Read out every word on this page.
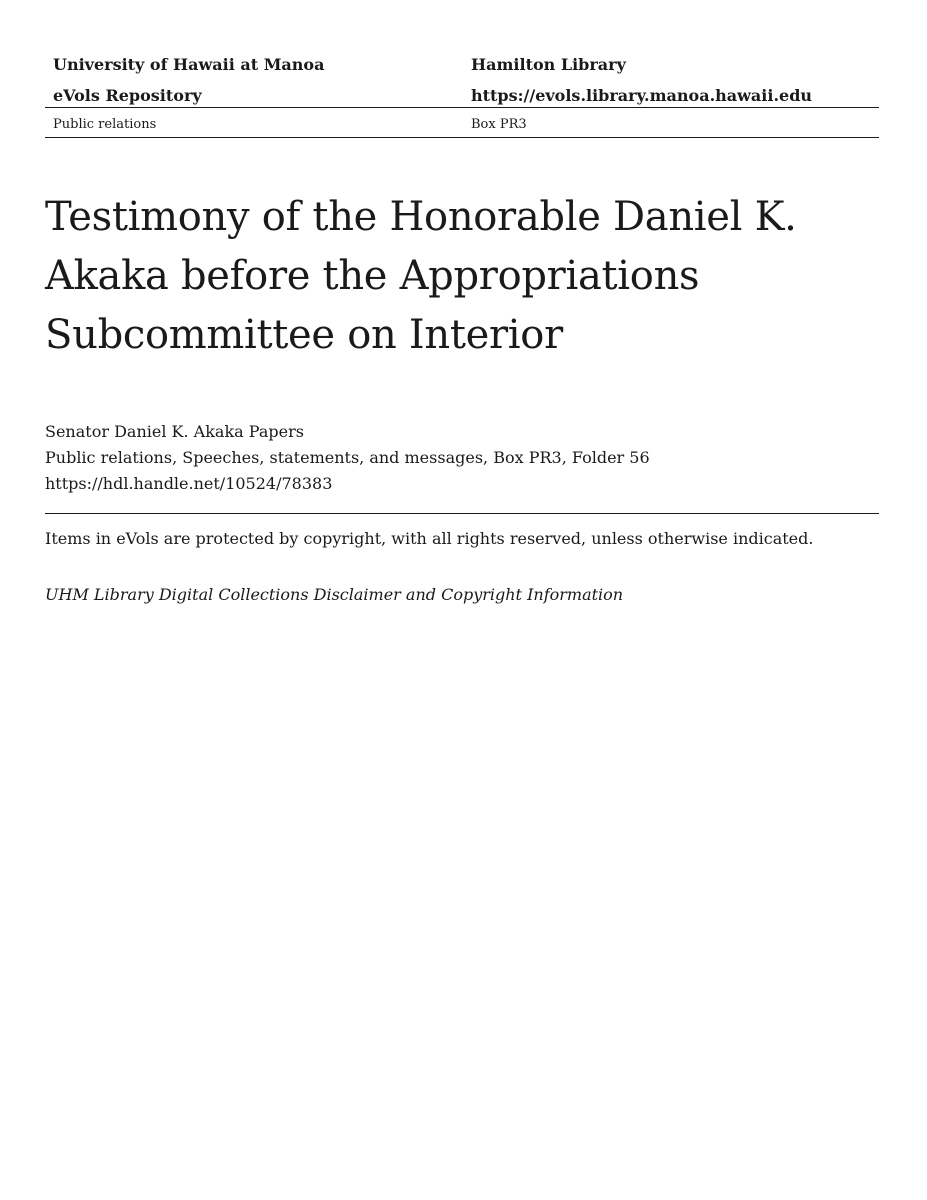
University of Hawaii at Manoa	Hamilton Library
eVols Repository	https://evols.library.manoa.hawaii.edu
Public relations	Box PR3
Testimony of the Honorable Daniel K. Akaka before the Appropriations Subcommittee on Interior
Senator Daniel K. Akaka Papers
Public relations, Speeches, statements, and messages, Box PR3, Folder 56
https://hdl.handle.net/10524/78383
Items in eVols are protected by copyright, with all rights reserved, unless otherwise indicated.
UHM Library Digital Collections Disclaimer and Copyright Information
